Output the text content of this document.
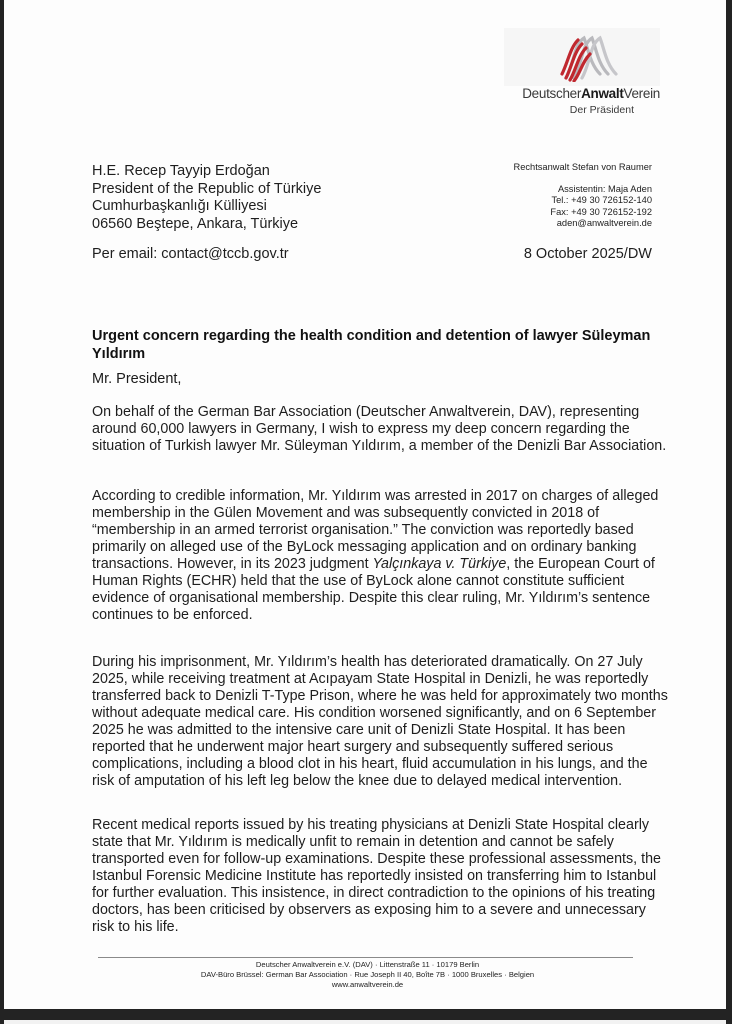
DeutscherAnwaltVerein
Der Präsident
H.E. Recep Tayyip Erdoğan
President of the Republic of Türkiye
Cumhurbaşkanlığı Külliyesi
06560 Beştepe, Ankara, Türkiye
Per email: contact@tccb.gov.tr
Rechtsanwalt Stefan von Raumer
Assistentin: Maja Aden
Tel.: +49 30 726152-140
Fax: +49 30 726152-192
aden@anwaltverein.de
8 October 2025/DW
Urgent concern regarding the health condition and detention of lawyer Süleyman Yıldırım
Mr. President,

On behalf of the German Bar Association (Deutscher Anwaltverein, DAV), representing around 60,000 lawyers in Germany, I wish to express my deep concern regarding the situation of Turkish lawyer Mr. Süleyman Yıldırım, a member of the Denizli Bar Association.

According to credible information, Mr. Yıldırım was arrested in 2017 on charges of alleged membership in the Gülen Movement and was subsequently convicted in 2018 of “membership in an armed terrorist organisation.” The conviction was reportedly based primarily on alleged use of the ByLock messaging application and on ordinary banking transactions. However, in its 2023 judgment Yalçınkaya v. Türkiye, the European Court of Human Rights (ECHR) held that the use of ByLock alone cannot constitute sufficient evidence of organisational membership. Despite this clear ruling, Mr. Yıldırım’s sentence continues to be enforced.

During his imprisonment, Mr. Yıldırım’s health has deteriorated dramatically. On 27 July 2025, while receiving treatment at Acıpayam State Hospital in Denizli, he was reportedly transferred back to Denizli T-Type Prison, where he was held for approximately two months without adequate medical care. His condition worsened significantly, and on 6 September 2025 he was admitted to the intensive care unit of Denizli State Hospital. It has been reported that he underwent major heart surgery and subsequently suffered serious complications, including a blood clot in his heart, fluid accumulation in his lungs, and the risk of amputation of his left leg below the knee due to delayed medical intervention.

Recent medical reports issued by his treating physicians at Denizli State Hospital clearly state that Mr. Yıldırım is medically unfit to remain in detention and cannot be safely transported even for follow-up examinations. Despite these professional assessments, the Istanbul Forensic Medicine Institute has reportedly insisted on transferring him to Istanbul for further evaluation. This insistence, in direct contradiction to the opinions of his treating doctors, has been criticised by observers as exposing him to a severe and unnecessary risk to his life.

Deutscher Anwaltverein e.V. (DAV) · Littenstraße 11 · 10179 Berlin
DAV-Büro Brüssel: German Bar Association · Rue Joseph II 40, Boîte 7B · 1000 Bruxelles · Belgien
www.anwaltverein.de
